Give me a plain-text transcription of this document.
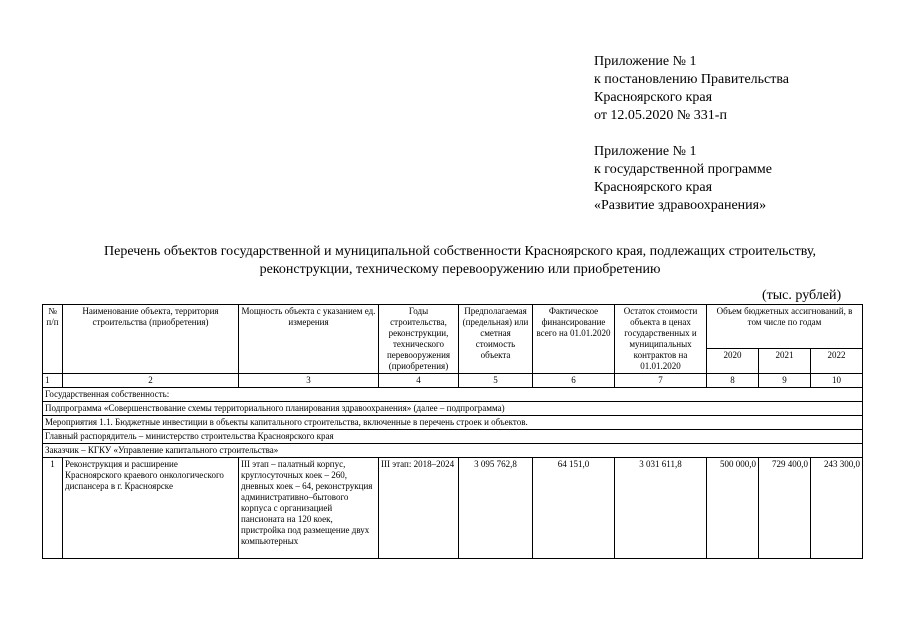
Приложение № 1
к постановлению Правительства
Красноярского края
от 12.05.2020 № 331-п
Приложение № 1
к государственной программе
Красноярского края
«Развитие здравоохранения»
Перечень объектов государственной и муниципальной собственности Красноярского края, подлежащих строительству,
реконструкции, техническому перевооружению или приобретению
(тыс. рублей)
№ п/п	Наименование объекта, территория строительства (приобретения)	Мощность объекта с указанием ед. измерения	Годы строительства, реконструкции, технического перевооружения (приобретения)	Предполагаемая (предельная) или сметная стоимость объекта	Фактическое финансирование всего на 01.01.2020	Остаток стоимости объекта в ценах государственных и муниципальных контрактов на 01.01.2020	Объем бюджетных ассигнований, в том числе по годам		
							2020	2021	2022
1	2	3	4	5	6	7	8	9	10
Государственная собственность:									
Подпрограмма «Совершенствование схемы территориального планирования здравоохранения» (далее – подпрограмма)									
Мероприятия 1.1. Бюджетные инвестиции в объекты капитального строительства, включенные в перечень строек и объектов.									
Главный распорядитель – министерство строительства Красноярского края									
Заказчик – КГКУ «Управление капитального строительства»									
1	Реконструкция и расширение Красноярского краевого онкологического диспансера в г. Красноярске	III этап – палатный корпус, круглосуточных коек – 260, дневных коек – 64, реконструкция административно–бытового корпуса с организацией пансионата на 120 коек, пристройка под размещение двух компьютерных	III этап: 2018–2024	3 095 762,8	64 151,0	3 031 611,8	500 000,0	729 400,0	243 300,0
